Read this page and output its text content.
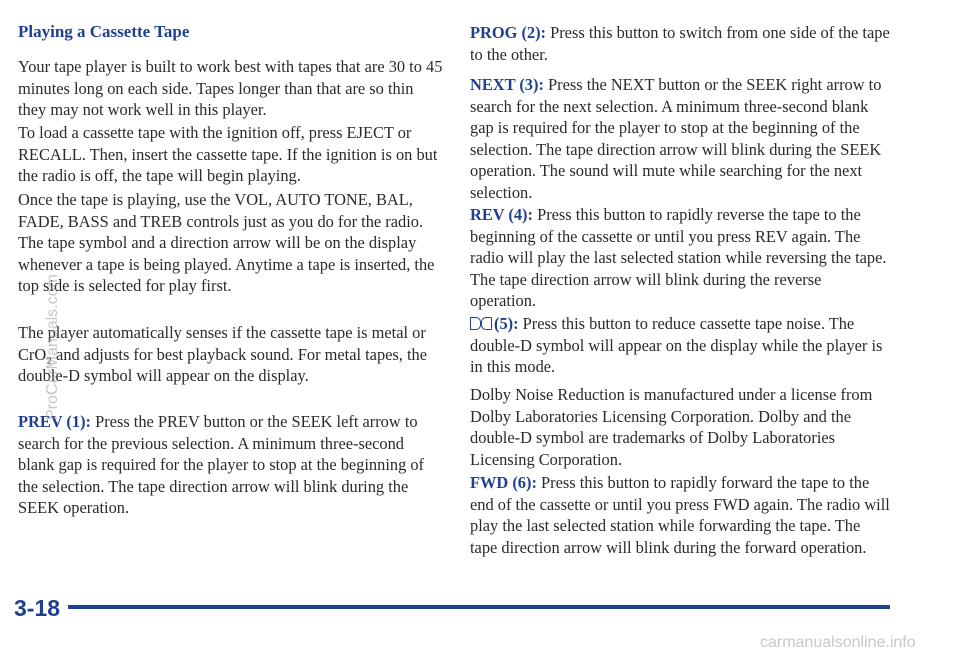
Playing a Cassette Tape

Your tape player is built to work best with tapes that are 30 to 45 minutes long on each side. Tapes longer than that are so thin they may not work well in this player.

To load a cassette tape with the ignition off, press EJECT or RECALL. Then, insert the cassette tape. If the ignition is on but the radio is off, the tape will begin playing.

Once the tape is playing, use the VOL, AUTO TONE, BAL, FADE, BASS and TREB controls just as you do for the radio. The tape symbol and a direction arrow will be on the display whenever a tape is being played. Anytime a tape is inserted, the top side is selected for play first.

The player automatically senses if the cassette tape is metal or CrO₂ and adjusts for best playback sound. For metal tapes, the double-D symbol will appear on the display.

PREV (1): Press the PREV button or the SEEK left arrow to search for the previous selection. A minimum three-second blank gap is required for the player to stop at the beginning of the selection. The tape direction arrow will blink during the SEEK operation.

PROG (2): Press this button to switch from one side of the tape to the other.

NEXT (3): Press the NEXT button or the SEEK right arrow to search for the next selection. A minimum three-second blank gap is required for the player to stop at the beginning of the selection. The tape direction arrow will blink during the SEEK operation. The sound will mute while searching for the next selection.

REV (4): Press this button to rapidly reverse the tape to the beginning of the cassette or until you press REV again. The radio will play the last selected station while reversing the tape. The tape direction arrow will blink during the reverse operation.

(5): Press this button to reduce cassette tape noise. The double-D symbol will appear on the display while the player is in this mode.

Dolby Noise Reduction is manufactured under a license from Dolby Laboratories Licensing Corporation. Dolby and the double-D symbol are trademarks of Dolby Laboratories Licensing Corporation.

FWD (6): Press this button to rapidly forward the tape to the end of the cassette or until you press FWD again. The radio will play the last selected station while forwarding the tape. The tape direction arrow will blink during the forward operation.

3-18

carmanualsonline.info

ProCarManuals.com
